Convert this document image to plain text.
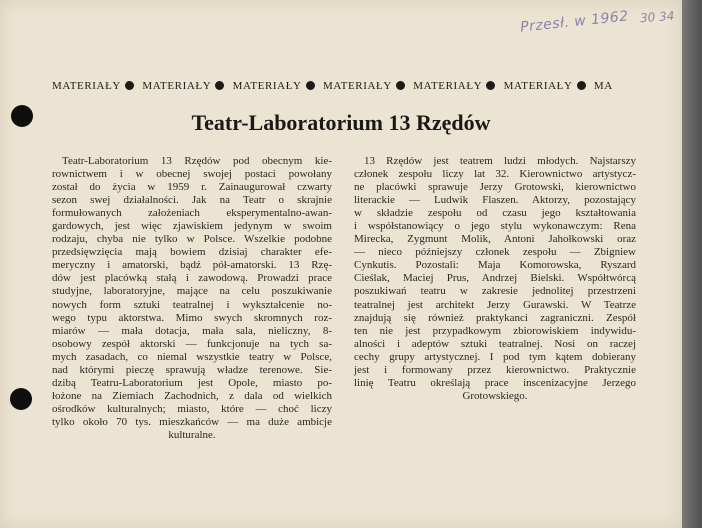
Przesł. w 1962 30 34
MATERIAŁY MATERIAŁY MATERIAŁY MATERIAŁY MATERIAŁY MATERIAŁY MA
Teatr-Laboratorium 13 Rzędów
Teatr-Laboratorium 13 Rzędów pod obecnym kie-
rownictwem i w obecnej swojej postaci powołany
został do życia w 1959 r. Zainaugurował czwarty
sezon swej działalności. Jak na Teatr o skrajnie
formułowanych założeniach eksperymentalno-awan-
gardowych, jest więc zjawiskiem jedynym w swoim
rodzaju, chyba nie tylko w Polsce. Wszelkie podobne
przedsięwzięcia mają bowiem dzisiaj charakter efe-
meryczny i amatorski, bądź pół-amatorski. 13 Rzę-
dów jest placówką stałą i zawodową. Prowadzi prace
studyjne, laboratoryjne, mające na celu poszukiwanie
nowych form sztuki teatralnej i wykształcenie no-
wego typu aktorstwa. Mimo swych skromnych roz-
miarów — mała dotacja, mała sala, nieliczny, 8-
osobowy zespół aktorski — funkcjonuje na tych sa-
mych zasadach, co niemal wszystkie teatry w Polsce,
nad którymi pieczę sprawują władze terenowe. Sie-
dzibą Teatru-Laboratorium jest Opole, miasto po-
łożone na Ziemiach Zachodnich, z dala od wielkich
ośrodków kulturalnych; miasto, które — choć liczy
tylko około 70 tys. mieszkańców — ma duże ambicje
kulturalne.
13 Rzędów jest teatrem ludzi młodych. Najstarszy
członek zespołu liczy lat 32. Kierownictwo artystycz-
ne placówki sprawuje Jerzy Grotowski, kierownictwo
literackie — Ludwik Flaszen. Aktorzy, pozostający
w składzie zespołu od czasu jego kształtowania
i współstanowiący o jego stylu wykonawczym: Rena
Mirecka, Zygmunt Molik, Antoni Jahołkowski oraz
— nieco późniejszy członek zespołu — Zbigniew
Cynkutis. Pozostali: Maja Komorowska, Ryszard
Cieślak, Maciej Prus, Andrzej Bielski. Współtwórcą
poszukiwań teatru w zakresie jednolitej przestrzeni
teatralnej jest architekt Jerzy Gurawski. W Teatrze
znajdują się również praktykanci zagraniczni. Zespół
ten nie jest przypadkowym zbiorowiskiem indywidu-
alności i adeptów sztuki teatralnej. Nosi on raczej
cechy grupy artystycznej. I pod tym kątem dobierany
jest i formowany przez kierownictwo. Praktycznie
linię Teatru określają prace inscenizacyjne Jerzego
Grotowskiego.
